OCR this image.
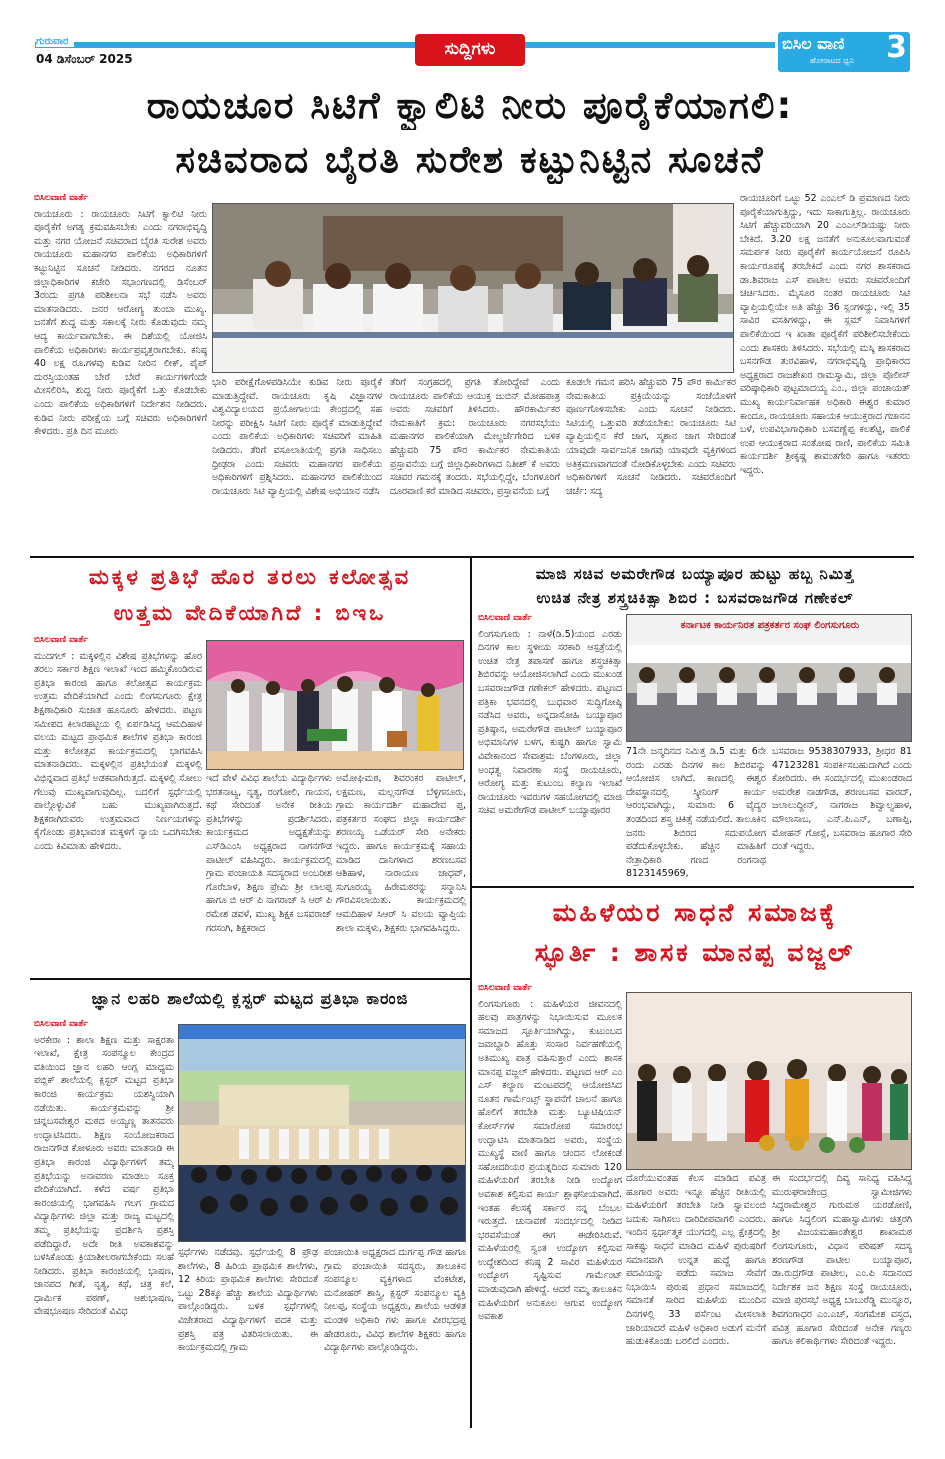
ಗುರುವಾರ
04 ಡಿಸೆಂಬರ್ 2025	ಸುದ್ದಿಗಳು	ಬಿಸಿಲ ವಾಣಿ
ಹೋರಾಟದ ಧ್ವನಿ 3
ರಾಯಚೂರ ಸಿಟಿಗೆ ಕ್ವಾಲಿಟಿ ನೀರು ಪೂರೈಕೆಯಾಗಲಿ:
ಸಚಿವರಾದ ಬೈರತಿ ಸುರೇಶ ಕಟ್ಟುನಿಟ್ಟಿನ ಸೂಚನೆ
ಬಿಸಿಲವಾಣಿ ವಾರ್ತೆ

ರಾಯಚೂರು : ರಾಯಚೂರು ಸಿಟಿಗೆ ಕ್ವಾಲಿಟಿ ನೀರು ಪೂರೈಕೆಗೆ ಅಗತ್ಯ ಕ್ರಮವಹಿಸಬೇಕು ಎಂದು ನಗರಾಭಿವೃದ್ಧಿ ಮತ್ತು ನಗರ ಯೋಜನೆ ಸಚಿವರಾದ ಬೈರತಿ ಸುರೇಶ ಅವರು ರಾಯಚೂರು ಮಹಾನಗರ ಪಾಲಿಕೆಯ ಅಧಿಕಾರಿಗಳಿಗೆ ಕಟ್ಟುನಿಟ್ಟಿನ ಸೂಚನೆ ನೀಡಿದರು. ನಗರದ ನೂತನ ಜಿಲ್ಲಾಧಿಕಾರಿಗಳ ಕಚೇರಿ ಸಭಾಂಗಣದಲ್ಲಿ ಡಿಸೆಂಬರ್ 3ರಂದು ಪ್ರಗತಿ ಪರಿಶೀಲನಾ ಸಭೆ ನಡೆಸಿ ಅವರು ಮಾತನಾಡಿದರು. ಜನರ ಆರೋಗ್ಯ ತುಂಬಾ ಮುಖ್ಯ. ಜನತೆಗೆ ಶುದ್ಧ ಮತ್ತು ಸಕಾಲಕ್ಕೆ ನೀರು ಕೊಡುವುದು ನಮ್ಮ ಆದ್ಯ ಕಾರ್ಯವಾಗಬೇಕು. ಈ ದಿಶೆಯಲ್ಲಿ ಯೋಜಿಸಿ ಪಾಲಿಕೆಯ ಅಧಿಕಾರಿಗಳು ಕಾರ್ಯಪ್ರವೃತ್ತರಾಗಬೇಕು. ಕನಿಷ್ಠ 40 ಲಕ್ಷ ರೂ.ಗಳವು ಕುಡಿವ ನೀರಿನ ಲೀಕ್, ಪೈಪ್ ದುರಸ್ತಿಯಂತಹ ಬೇರೆ ಬೇರೆ ಕಾರ್ಯಗಳಿಗೆಂದೇ ಮೀಸಲಿರಿಸಿ, ಶುದ್ಧ ನೀರು ಪೂರೈಕೆಗೆ ಒತ್ತು ಕೊಡಬೇಕು ಎಂದು ಪಾಲಿಕೆಯ ಅಧಿಕಾರಿಗಳಿಗೆ ನಿರ್ದೇಶನ ನೀಡಿದರು. ಕುಡಿವ ನೀರು ಪರೀಕ್ಷೆಯ ಬಗ್ಗೆ ಸಚಿವರು ಅಧಿಕಾರಿಗಳಿಗೆ ಕೇಳಿದರು. ಪ್ರತಿ ದಿನ ಮೂರು

ಭಾರಿ ಪರೀಕ್ಷೆಗೊಳಪಡಿಸಿಯೇ ಕುಡಿವ ನೀರು ಪೂರೈಕೆ ಮಾಡುತ್ತಿದ್ದೇವೆ. ರಾಯಚೂರು ಕೃಷಿ ವಿಜ್ಞಾನಗಳ ವಿಶ್ವವಿದ್ಯಾಲಯದ ಪ್ರಯೋಗಾಲಯ ಕೇಂದ್ರದಲ್ಲಿ ಸಹ ನೀರನ್ನು ಪರೀಕ್ಷಿಸಿ ಸಿಟಿಗೆ ನೀರು ಪೂರೈಕೆ ಮಾಡುತ್ತಿದ್ದೇವೆ ಎಂದು ಪಾಲಿಕೆಯ ಅಧಿಕಾರಿಗಳು ಸಚಿವರಿಗೆ ಮಾಹಿತಿ ನೀಡಿದರು. ತೆರಿಗೆ ವಸೂಲಾತಿಯಲ್ಲಿ ಪ್ರಗತಿ ಸಾಧಿಸಲು ಧ್ರೀಢರಾ ಎಂದು ಸಚಿವರು ಮಹಾನಗರ ಪಾಲಿಕೆಯ ಅಧಿಕಾರಿಗಳಿಗೆ ಪ್ರಶ್ನಿಸಿದರು. ಮಹಾನಗರ ಪಾಲಿಕೆಯಿಂದ ರಾಯಚೂರು ಸಿಟಿ ವ್ಯಾಪ್ತಿಯಲ್ಲಿ ವಿಶೇಷ ಅಭಿಯಾನ ನಡೆಸಿ

ತೆರಿಗೆ ಸಂಗ್ರಹದಲ್ಲಿ ಪ್ರಗತಿ ತೋರಿದ್ದೇವೆ ಎಂದು ರಾಯಚೂರು ಪಾಲಿಕೆಯ ಆಯುಕ್ತ ಜುಬಿನ್ ಮೋಹಪಾತ್ರ ಅವರು ಸಚಿವರಿಗೆ ತಿಳಿಸಿದರು. ಹೌರಕಾರ್ಮಿಕರ ನೇಮಕಾತಿಗೆ ಕ್ರಮ: ರಾಯಚೂರು ನಗರಸಭೆಯು ಮಹಾನಗರ ಪಾಲಿಕೆಯಾಗಿ ಮೇಲ್ದರ್ಜೆಗೇರಿದ ಬಳಿಕ ಹೆಚ್ಚುವರಿ 75 ಪೌರ ಕಾರ್ಮಿಕರ ನೇಮಕಾತಿಯ ಪ್ರಸ್ತಾವನೆಯ ಬಗ್ಗೆ ಜಿಲ್ಲಾಧಿಕಾರಿಗಳಾದ ನಿತೀಶ್ ಕೆ ಅವರು ಸಚಿವರ ಗಮನಕ್ಕೆ ತಂದರು. ಸಭೆಯಲ್ಲಿದ್ದೇ, ಬೆಂಗಳೂರಿಗೆ ದೂರವಾಣಿ ಕರೆ ಮಾಡಿದ ಸಚಿವರು, ಪ್ರಸ್ತಾವನೆಯ ಬಗ್ಗೆ

ಕೂಡಲೇ ಗಮನ ಹರಿಸಿ ಹೆಚ್ಚುವರಿ 75 ಪೌರ ಕಾರ್ಮಿಕರ ನೇಮಕಾತಿಯ ಪ್ರಕ್ರಿಯೆಯನ್ನು ಸಂಜೆಯೊಳಗೆ ಪೂರ್ಣಗೊಳಿಸಬೇಕು ಎಂದು ಸೂಚನೆ ನೀಡಿದರು. ಸಿಟಿಯಲ್ಲಿ ಒತ್ತುವರಿ ತಡೆಯಬೇಕು: ರಾಯಚೂರು ಸಿಟಿ ವ್ಯಾಪ್ತಿಯಲ್ಲಿನ ಕೆರೆ ಜಾಗ, ಸ್ಮಶಾನ ಜಾಗ ಸೇರಿದಂತೆ ಯಾವುದೇ ಸಾರ್ವಜನಿಕ ಜಾಗವು ಯಾವುದೇ ವ್ಯಕ್ತಿಗಳಿಂದ ಅತಿಕ್ರಮಣವಾಗದಂತೆ ನೋಡಿಕೊಳ್ಳಬೇಕು ಎಂದು ಸಚಿವರು ಅಧಿಕಾರಿಗಳಿಗೆ ಸೂಚನೆ ನೀಡಿದರು. ಸಚಿವರೊಂದಿಗೆ ಚರ್ಚೆ: ಸದ್ಯ

ರಾಯಚೂರಿಗೆ ಒಟ್ಟು 52 ಎಂಎಲ್ ಡಿ ಪ್ರಮಾಣದ ನೀರು ಪೂರೈಕೆಯಾಗುತ್ತಿದ್ದು, ಇದು ಸಾಕಾಗುತ್ತಿಲ್ಲ. ರಾಯಚೂರು ಸಿಟಿಗೆ ಹೆಚ್ಚುವರಿಯಾಗಿ 20 ಎಂಎಲ್‌ಡಿಯಷ್ಟು ನೀರು ಬೇಕಿದೆ. 3.20 ಲಕ್ಷ ಜನತೆಗೆ ಅನುಕೂಲವಾಗುವಂತೆ ಸಮರ್ಪಕ ನೀರು ಪೂರೈಕೆಗೆ ಕಾರ್ಯಯೋಜನೆ ರೂಪಿಸಿ ಕಾರ್ಯರೂಪಕ್ಕೆ ತರಬೇಕಿದೆ ಎಂದು ನಗರ ಶಾಸಕರಾದ ಡಾ.ಶಿವರಾಜ ಎಸ್ ಪಾಟೀಲ ಅವರು ಸಚಿವರೊಂದಿಗೆ ಚರ್ಚಿಸಿದರು. ಮೈಸೂರ ನಂತರ ರಾಯಚೂರು ಸಿಟಿ ವ್ಯಾಪ್ತಿಯಲ್ಲಿಯೇ ಅತಿ ಹೆಚ್ಚು 36 ಸ್ಲಂಗಳಿದ್ದು, ಇಲ್ಲಿ 35 ಸಾವಿರ ವಸತಿಗಳಿದ್ದು, ಈ ಸ್ಲಮ್ ನಿವಾಸಿಗಳಿಗೆ ಪಾಲಿಕೆಯಿಂದ ಇ ಖಾತಾ ಪೂರೈಕೆಗೆ ಪರಿಶೀಲಿಸಬೇಕೆಂದು ಎಂದು ಶಾಸಕರು ತಿಳಿಸಿದರು. ಸಭೆಯಲ್ಲಿ ಮಸ್ಕಿ ಶಾಸಕರಾದ ಬಸನಗೌಡ ತುರವಿಹಾಳ, ನಗರಾಭಿವೃದ್ಧಿ ಪ್ರಾಧಿಕಾರದ ಅಧ್ಯಕ್ಷರಾದ ರಾಜಶೇಖರ ರಾಮಸ್ವಾಮಿ, ಜಿಲ್ಲಾ ಪೊಲೀಸ್ ವರಿಷ್ಠಾಧಿಕಾರಿ ಪುಟ್ಟಮಾದಯ್ಯ ಎಂ., ಜಿಲ್ಲಾ ಪಂಚಾಯತ್ ಮುಖ್ಯ ಕಾರ್ಯನಿರ್ವಾಹಕ ಅಧಿಕಾರಿ ಈಶ್ವರ ಕುಮಾರ ಕಾಂದೂ, ರಾಯಚೂರು ಸಹಾಯಕ ಆಯುಕ್ತರಾದ ಗಜಾನನ ಬಳೆ, ಉಪವಿಭಾಗಾಧಿಕಾರಿ ಬಸವಣ್ಣೆಪ್ಪ ಕಲಶೆಟ್ಟಿ, ಪಾಲಿಕೆ ಉಪ ಆಯುಕ್ತರಾದ ಸಂತೋಷ ರಾಣಿ, ಪಾಲಿಕೆಯ ಸಮಿತಿ ಕಾರ್ಯದರ್ಶಿ ಶ್ರೀಕೃಷ್ಣ ಶಾವಂತಗೇರಿ ಹಾಗೂ ಇತರರು ಇದ್ದರು.

ಮಕ್ಕಳ ಪ್ರತಿಭೆ ಹೊರ ತರಲು ಕಲೋತ್ಸವ
ಉತ್ತಮ ವೇದಿಕೆಯಾಗಿದೆ : ಬಿಇಒ
ಬಿಸಿಲವಾಣಿ ವಾರ್ತೆ

ಮುದಗಲ್ : ಮಕ್ಕಳಲ್ಲಿನ ವಿಶೇಷ ಪ್ರತಿಭೆಗಳನ್ನು ಹೊರ ತರಲು ಸರ್ಕಾರ ಶಿಕ್ಷಣ ಇಲಾಖೆ ಇಂದ ಹಮ್ಮಿಕೊಂಡಿರುವ ಪ್ರತಿಭಾ ಕಾರಂಜಿ ಹಾಗೂ ಕಲೋತ್ಸವ ಕಾರ್ಯಕ್ರಮ ಉತ್ತಮ ವೇದಿಕೆಯಾಗಿದೆ ಎಂದು ಲಿಂಗಸುಗೂರು ಕ್ಷೇತ್ರ ಶಿಕ್ಷಣಾಧಿಕಾರಿ ಸುಜಾತ ಹೂನೂರು ಹೇಳಿದರು. ಪಟ್ಟಣ ಸಮೀಪದ ಕಿಲಾರಹಟ್ಟಿಯ ಲ್ಲಿ ಏರ್ಪಡಿಸಿದ್ದ ಆಮದಿಹಾಳ ವಲಯ ಮಟ್ಟದ ಪ್ರಾಥಮಿಕ ಶಾಲೆಗಳ ಪ್ರತಿಭಾ ಕಾರಂಜಿ ಮತ್ತು ಕಲೋತ್ಸವ ಕಾರ್ಯಕ್ರಮದಲ್ಲಿ ಭಾಗವಹಿಸಿ ಮಾತನಾಡಿದರು. ಮಕ್ಕಳಲ್ಲಿನ ಪ್ರತಿಭೆಯಂತೆ ಮಕ್ಕಳಲ್ಲಿ ವಿಭಿನ್ನವಾದ ಪ್ರತಿಭೆ ಅಡಕವಾಗಿರುತ್ತದೆ. ಮಕ್ಕಳಲ್ಲಿ ಸೋಲು ಗೆಲುವು ಮುಖ್ಯವಾಗುವುದಿಲ್ಲ. ಬದಲಿಗೆ ಸ್ಪರ್ಧೆಯಲ್ಲಿ ಪಾಲ್ಗೊಳ್ಳುವಿಕೆ ಬಹು ಮುಖ್ಯವಾಗಿರುತ್ತದೆ. ಶಿಕ್ಷಕರಾಗಿರುವರು ಉತ್ತಮವಾದ ನಿರ್ಣಯಗಳನ್ನು ಕೈಗೊಂಡು ಪ್ರತಿಭಾವಂತ ಮಕ್ಕಳಿಗೆ ನ್ಯಾಯ ಒದಗಿಸಬೇಕು ಎಂದು ಕಿವಿಮಾತು ಹೇಳಿದರು.

ಇದೆ ವೇಳೆ ವಿವಿಧ ಶಾಲೆಯ ವಿದ್ಯಾರ್ಥಿಗಳು ಭರತನಾಟ್ಯ, ನೃತ್ಯ, ರಂಗೋಲಿ, ಗಾಯನ, ಕಥೆ ಸೇರಿದಂತೆ ಅನೇಕ ರೀತಿಯ ಪ್ರತಿಭೆಗಳನ್ನು ಪ್ರದರ್ಶಿಸಿದರು. ಕಾರ್ಯಕ್ರಮದ ಅಧ್ಯಕ್ಷತೆಯನ್ನು ಎಸ್‌ಡಿಎಂಸಿ ಅಧ್ಯಕ್ಷರಾದ ನಾಗನಗೌಡ ಪಾಟೀಲ್ ವಹಿಸಿದ್ದರು. ಕಾರ್ಯಕ್ರಮದಲ್ಲಿ ಗ್ರಾಮ ಪಂಚಾಯತಿ ಸದಸ್ಯರಾದ ಅಂಬರೀಶ ಗೊರೆಬಾಳ, ಶಿಕ್ಷಣ ಪ್ರೇಮಿ ಶ್ರೀ ಲಾಲಪ್ಪ ಹಾಗೂ ಬಿ ಆರ್ ಪಿ ನಾಗರಾಜ್ ಸಿ ಆರ್ ಪಿ ರಮೇಶ ಡವಳೆ, ಮುಖ್ಯ ಶಿಕ್ಷಕ ಬಸವರಾಜ್ ಗರಸಂಗಿ, ಶಿಕ್ಷಕರಾದ

ಅಮೋಘಿಮಠ, ಶಿವರಂಕರ ಪಾಟೀಲ್, ಲಕ್ಷಮಣ, ಮಲ್ಲನಗೌಡ ಬೆಳ್ಳಿಗನೂರು, ಗ್ರಾಮ ಕಾರ್ಯದರ್ಶಿ ಮಹಾದೇವ ಪ್ಪ, ಪತ್ರಕರ್ತರ ಸಂಘದ ಜಿಲ್ಲಾ ಕಾರ್ಯದರ್ಶಿ ಶರಣಯ್ಯ ಒಡೆಯರ್ ಸೇರಿ ಅನೇಕರು ಇದ್ದರು. ಹಾಗೂ ಕಾರ್ಯಕ್ರಮಕ್ಕೆ ಸಹಾಯ ಮಾಡಿದ ದಾನಿಗಳಾದ ಶರಣಬಸವ ಆಶಿಹಾಳ, ನಾರಾಯಣ ಜಾಧವ್, ಸುಗೂರಯ್ಯ ಹಿರೇಮಠರನ್ನು ಸನ್ಮಾನಿಸಿ ಗೌರವಿಸಲಾಯಿತು. ಕಾರ್ಯಕ್ರಮದಲ್ಲಿ ಆಮದಿಹಾಳ ಸಿಆರ್ ಸಿ ವಲಯ ವ್ಯಾಪ್ತಿಯ ಶಾಲಾ ಮಕ್ಕಳು, ಶಿಕ್ಷಕರು ಭಾಗವಹಿಸಿದ್ದರು.

ಮಾಜಿ ಸಚಿವ ಅಮರೇಗೌಡ ಬಯ್ಯಾಪೂರ ಹುಟ್ಟು ಹಬ್ಬ ನಿಮಿತ್ತ
ಉಚಿತ ನೇತ್ರ ಶಸ್ತ್ರಚಿಕಿತ್ಸಾ ಶಿಬಿರ : ಬಸವರಾಜಗೌಡ ಗಣೇಕಲ್
ಬಿಸಿಲವಾಣಿ ವಾರ್ತೆ

ಲಿಂಗಸುಗೂರು : ನಾಳೆ(ಡಿ.5)ಯಂದ ಎರಡು ದಿನಗಳ ಕಾಲ ಸ್ಥಳೀಯ ಸರಕಾರಿ ಆಸ್ಪತ್ರೆಯಲ್ಲಿ ಉಚಿತ ನೇತ್ರ ತಪಾಸಣೆ ಹಾಗೂ ಶಸ್ತ್ರಚಿಕಿತ್ಸಾ ಶಿಬಿರವನ್ನು ಆಯೋಜಿಸಲಾಗಿದೆ ಎಂದು ಮುಖಂಡ ಬಸವರಾಜಗೌಡ ಗಣೇಕಲ್ ಹೇಳಿದರು. ಪಟ್ಟಣದ ಪತ್ರಿಕಾ ಭವನದಲ್ಲಿ ಬುಧವಾರ ಸುದ್ದಿಗೋಷ್ಠಿ ನಡೆಸಿದ ಅವರು, ಅನ್ನದಾಸೋಹಿ ಬಯ್ಯಾಪೂರ ಪ್ರತಿಷ್ಠಾನ, ಅಮರೇಗೌಡ ಪಾಟೀಲ್ ಬಯ್ಯಾಪೂರ ಅಭಿಮಾನಿಗಳ ಬಳಗ, ಕುಷ್ಟಗಿ ಹಾಗೂ ಸ್ವಾಮಿ ವಿವೇಕಾನಂದ ಸೇವಾಶ್ರಮ ಬೆಂಗಳೂರು, ಜಿಲ್ಲಾ ಅಂಧತ್ವ ನಿವಾರಣಾ ಸಂಸ್ಥೆ ರಾಯಚೂರು, ಆರೋಗ್ಯ ಮತ್ತು ಕುಟುಂಬ ಕಲ್ಯಾಣ ಇಲಾಖೆ ರಾಯಚೂರು ಇವರುಗಳ ಸಹಯೋಗದಲ್ಲಿ ಮಾಜಿ ಸಚಿವ ಅಮರೇಗೌಡ ಪಾಟೀಲ್ ಬಯ್ಯಾಪೂರರ

ಕರ್ನಾಟಕ ಕಾರ್ಯನಿರತ ಪತ್ರಕರ್ತರ ಸಂಘ ಲಿಂಗಸುಗೂರು

71ನೇ ಜನ್ಮದಿನದ ನಿಮಿತ್ತ ಡಿ.5 ಮತ್ತು 6ನೇ ರಂದು ಎರಡು ದಿನಗಳ ಕಾಲ ಶಿಬಿರವನ್ನು ಆಯೋಜಿಸ ಲಾಗಿದೆ. ಕಾಣದಲ್ಲಿ ಈಶ್ವರ ದೇವಸ್ಥಾನದಲ್ಲಿ ಸ್ಕ್ರೀನಿಂಗ್ ಕಾರ್ಯ ಆರಂಭವಾಗಿದ್ದು, ಸುಮಾರು 6 ವೈದ್ಯರ ತಂಡದಿಂದ ಶಸ್ತ್ರ ಚಿಕಿತ್ಸೆ ನಡೆಯಲಿದೆ. ತಾಲೂಕಿನ ಜನರು ಶಿಬಿರದ ಸದುಪಯೋಗ ಪಡೆದುಕೊಳ್ಳಬೇಕು. ಹೆಚ್ಚಿನ ಮಾಹಿತಿಗೆ ನೇತ್ರಾಧಿಕಾರಿ ಗಣದ ರಂಗನಾಥ 8123145969,

ಬಸವರಾಜ 9538307933, ಶ್ರೀಧರ 81 47123281 ಸಂಪರ್ಕಿಸಬಹುದಾಗಿದೆ ಎಂದು ಕೋರಿದರು. ಈ ಸಂದರ್ಭದಲ್ಲಿ ಮುಖಂಡರಾದ ಅಮರೇಶ ನಾಡಗೌಡ, ಶರಣಬಸವ ವಾರದ್, ಜಲಾಲುದ್ದೀನ್, ನಾಗರಾಜ ಶಿವ್ವಾಲ್ವಹಾಳ, ಮೌಲಾಸಾಬ, ಎನ್.ಪಿ.ಎನ್, ಬಣಾಪ್ಪಿ, ಮೋಹನ್ ಗೋಸ್ಲೆ, ಬಸವರಾಜ ಹೂಗಾರ ಸೇರಿ ದಂತೆ ಇದ್ದರು.

ಮಹಿಳೆಯರ ಸಾಧನೆ ಸಮಾಜಕ್ಕೆ
ಸ್ಫೂರ್ತಿ : ಶಾಸಕ ಮಾನಪ್ಪ ವಜ್ಜಲ್
ಬಿಸಿಲವಾಣಿ ವಾರ್ತೆ

ಲಿಂಗಸುಗೂರು : ಮಹಿಳೆಯರ ಜೀವನದಲ್ಲಿ ಹಲವು ಪಾತ್ರಗಳನ್ನು ನಿಭಾಯಿಸುವ ಮೂಲಕ ಸಮಾಜದ ಸ್ಫೂರ್ತಿಯಾಗಿದ್ದು, ಕುಟುಂಬದ ಜವಾಬ್ದಾರಿ ಹೊತ್ತು ಸಂಸಾರ ನಿರ್ವಹಣೆಯಲ್ಲಿ ಅತಿಮುಖ್ಯ ಪಾತ್ರ ವಹಿಸುತ್ತಾರೆ ಎಂದು ಶಾಸಕ ಮಾನಪ್ಪ ವಜ್ಜಲ್ ಹೇಳಿದರು. ಪಟ್ಟಣದ ಆರ್ ಎಂ ಎಸ್ ಕಲ್ಯಾಣ ಮಂಟಪದಲ್ಲಿ ಆಯೋಜಿಸಿದ ನೂತನ ಗಾರ್ಮೆಂಟ್ಸ್ ಸ್ಥಾಪನೆಗೆ ಚಾಲನೆ ಹಾಗೂ ಹೊಲಿಗೆ ತರಬೇತಿ ಮತ್ತು ಬ್ಯೂಟಿಷಿಯನ್ ಕೋರ್ಸ್‌ಗಳ ಸಮಾರೋಪ ಸಮಾರಂಭ ಉದ್ಘಾಟಿಸಿ ಮಾತನಾಡಿದ ಅವರು, ಸಂಸ್ಥೆಯ ಮುಖ್ಯಸ್ಥೆ ವಾಣಿ ಹಾಗೂ ಚಂದನ ಲೋಕಂಡೆ ಸಹೋದರಿಯರ ಪ್ರಯತ್ನದಿಂದ ಸುಮಾರು 120 ಮಹಿಳೆಯರಿಗೆ ತರಬೇತಿ ನೀಡಿ ಉದ್ಯೋಗ ಅವಕಾಶ ಕಲ್ಪಿಸುವ ಕಾರ್ಯ ಶ್ಲಾಘನೀಯವಾಗಿದೆ. ಇಂತಹ ಕೆಲಸಕ್ಕೆ ಸರ್ಕಾರ ನನ್ನ ಬೆಂಬಲ ಇರುತ್ತದೆ. ಚುನಾವಣೆ ಸಂದರ್ಭದಲ್ಲಿ ನೀಡಿದ ಭರವಸೆಯಂತೆ ಈಗ ಈಡೇರಿಸಿರುವೆ. ಮಹಿಳೆಯರಲ್ಲಿ ಸ್ವಂತ ಉದ್ಯೋಗ ಕಲ್ಪಿಸುವ ಉದ್ದೇಶದಿಂದ ಕನಿಷ್ಠ 2 ಸಾವಿರ ಮಹಿಳೆಯರ ಉದ್ಯೋಗ ಸೃಷ್ಟಿಸುವ ಗಾರ್ಮೆಂಟ್ ಮಾಡುವುದಾಗಿ ಹೇಳಿದ್ದೆ. ಆದರೆ ನಮ್ಮ ತಾಲೂಕಿನ ಮಹಿಳೆಯರಿಗೆ ಅನುಕೂಲ ಆಗುವ ಉದ್ಯೋಗ ಅವಕಾಶ

ದೊರೆಯುವಂತಹ ಕೆಲಸ ಮಾಡಿದ ಪವಿತ್ರ ಹೂಗಾರ ಅವರು ಇನ್ನೂ ಹೆಚ್ಚಿನ ರೀತಿಯಲ್ಲಿ ಮಹಿಳೆಯರಿಗೆ ತರಬೇತಿ ನೀಡಿ ಸ್ವಾವಲಂಬಿ ಬದುಕು ಸಾಗಿಸಲು ದಾರಿದೀಪವಾಗಲಿ ಎಂದರು. ಇಂದಿನ ಸ್ಪರ್ಧಾತ್ಮಕ ಯುಗದಲ್ಲಿ ಎಲ್ಲ ಕ್ಷೇತ್ರದಲ್ಲಿ ಸಾಕಷ್ಟು ಸಾಧನೆ ಮಾಡಿದ ಮಹಿಳೆ ಪುರುಷರಿಗೆ ಸಮಾನವಾಗಿ ಉನ್ನತ ಹುದ್ದೆ ಹಾಗೂ ಪದವಿಯನ್ನು ಪಡೆದು ಸಮಾಜ ಸೇವೆಗೆ ನಿಭಾಯಿಸಿ ಪುರುಷ ಪ್ರಧಾನ ಸಮಾಜದಲ್ಲಿ ಸಮಾನತೆ ಸಾರಿದ ಮಹಿಳೆಯ ಮುಂದಿನ ದಿನಗಳಲ್ಲಿ 33 ಪರ್ಸೆಂಟ ಮೀಸಲಾತಿ ಜಾರಿಯಾದರೆ ಮಹಿಳೆ ಅಧಿಕಾರ ಅಡುಗೆ ಮನೆಗೆ ಹುಡುಕಿಕೊಂಡು ಬರಲಿದೆ ಎಂದರು.

ಈ ಸಂದರ್ಭದಲ್ಲಿ ದಿವ್ಯ ಸಾನಿಧ್ಯ ವಹಿಸಿದ್ದ ಮುರುಘರಾಜೇಂದ್ರ ಸ್ವಾಮೀಜಿಗಳು ಸಿದ್ಧರಾಮೇಶ್ವರ ಗುರುಮಠ ಯರಡೋಣಿ, ಹಾಗೂ ಸಿದ್ಧಲಿಂಗ ಮಹಾಸ್ವಾಮಿಗಳು ಚಿತ್ತರಗಿ ಶ್ರೀ ವಿಜಯಮಹಾಂತೇಶ್ವರ ಶಾಖಾಮಠ ಲಿಂಗಸುಗೂರು, ವಿಧಾನ ಪರಿಷತ್ ಸದಸ್ಯ ಶರಣಗೌಡ ಪಾಟೀಲ ಬಯ್ಯಾಪೂರ, ಡಾ.ರುದ್ರಗೌಡ ಪಾಟೀಲ, ಎಂ.ಪಿ ಸದಾನಂದ ನಿರ್ದೇಶಕ ಜನ ಶಿಕ್ಷಣ ಸಂಸ್ಥೆ ರಾಯಚೂರು, ಮಾಜಿ ಪುರಸಭೆ ಅಧ್ಯಕ್ಷ ಬಾಬುರೆಡ್ಡಿ ಮುನ್ನೂರ, ಶಿವಗಂಗಾಧರ ಎಂ.ಎಚ್, ಸಂಗಮೇಶ ವಸ್ತ್ರದ, ಪವಿತ್ರ ಹೂಗಾರ ಸೇರಿದಂತೆ ಅನೇಕ ಗಣ್ಯರು ಹಾಗೂ ಕಲಿಕಾರ್ಥಿಗಳು ಸೇರಿದಂತೆ ಇದ್ದರು.

ಜ್ಞಾನ ಲಹರಿ ಶಾಲೆಯಲ್ಲಿ ಕ್ಲಸ್ಟರ್ ಮಟ್ಟದ ಪ್ರತಿಭಾ ಕಾರಂಜಿ
ಬಿಸಿಲವಾಣಿ ವಾರ್ತೆ

ಅರಕೇರಾ : ಶಾಲಾ ಶಿಕ್ಷಣ ಮತ್ತು ಸಾಕ್ಷರತಾ ಇಲಾಖೆ, ಕ್ಷೇತ್ರ ಸಂಪನ್ಮೂಲ ಕೇಂದ್ರದ ವತಿಯಿಂದ ಜ್ಞಾನ ಲಹರಿ ಆಂಗ್ಲ ಮಾಧ್ಯಮ ಪಬ್ಲಿಕ್ ಶಾಲೆಯಲ್ಲಿ ಕ್ಲಸ್ಟರ್ ಮಟ್ಟದ ಪ್ರತಿಭಾ ಕಾರಂಜಿ ಕಾರ್ಯಕ್ರಮ ಯಶಸ್ವಿಯಾಗಿ ನಡೆಯಿತು. ಕಾರ್ಯಕ್ರಮವನ್ನು ಶ್ರೀ ಚನ್ನಬಸವೇಶ್ವರ ಮಠದ ಅಯ್ಯಣ್ಣ ತಾತನವರು ಉದ್ಘಾಟಿಸಿದರು. ಶಿಕ್ಷಣ ಸಂಯೋಜಕರಾದ ರಾಜನಗೌಡ ಕೋಳೂರು ಅವರು ಮಾತನಾಡಿ ಈ ಪ್ರತಿಭಾ ಕಾರಂಜಿ ವಿದ್ಯಾರ್ಥಿಗಳಿಗೆ ತಮ್ಮ ಪ್ರತಿಭೆಯನ್ನು ಅನಾವರಣ ಮಾಡಲು ಸೂಕ್ತ ವೇದಿಕೆಯಾಗಿದೆ. ಕಳೆದ ವರ್ಷ ಪ್ರತಿಭಾ ಕಾರಂಜಿಯಲ್ಲಿ ಭಾಗವಹಿಸಿ ಗಲಗ ಗ್ರಾಮದ ವಿದ್ಯಾರ್ಥಿಗಳು ಜಿಲ್ಲಾ ಮತ್ತು ರಾಜ್ಯ ಮಟ್ಟದಲ್ಲಿ ತಮ್ಮ ಪ್ರತಿಭೆಯನ್ನು ಪ್ರದರ್ಶಿಸಿ ಪ್ರಶಸ್ತಿ ಪಡೆದಿದ್ದಾರೆ. ಅದೇ ರೀತಿ ಅವಕಾಶವನ್ನು ಬಳಸಿಕೊಂಡು ಕ್ರಿಯಾಶೀಲರಾಗಬೇಕೆಂದು ಸಲಹೆ ನೀಡಿದರು. ಪ್ರತಿಭಾ ಕಾರಂಜಿಯಲ್ಲಿ ಭಾಷಣ, ಜಾನಪದ ಗೀತೆ, ನೃತ್ಯ, ಕಥೆ, ಚಿತ್ರ ಕಲೆ, ಧಾರ್ಮಿಕ ಪಠಣ್, ಆಶುಭಾಷಣ, ವೇಷಭೂಷಣ ಸೇರಿದಂತೆ ವಿವಿಧ

ಸ್ಪರ್ಧೆಗಳು ನಡೆದವು. ಸ್ಪರ್ಧೆಯಲ್ಲಿ 8 ಪ್ರೌಢ ಶಾಲೆಗಳು, 8 ಹಿರಿಯ ಪ್ರಾಥಮಿಕ ಶಾಲೆಗಳು, 12 ಕಿರಿಯ ಪ್ರಾಥಮಿಕ ಶಾಲೆಗಳು ಸೇರಿದಂತೆ ಒಟ್ಟು 28ಕ್ಕೂ ಹೆಚ್ಚು ಶಾಲೆಯ ವಿದ್ಯಾರ್ಥಿಗಳು ಪಾಲ್ಗೊಂಡಿದ್ದರು. ಬಳಿಕ ಸ್ಪರ್ಧೆಗಳಲ್ಲಿ ವಿಜೇತರಾದ ವಿದ್ಯಾರ್ಥಿಗಳಿಗೆ ಪದಕ ಮತ್ತು ಪ್ರಶಸ್ತಿ ಪತ್ರ ವಿತರಿಸಲಾಯಿತು. ಈ ಕಾರ್ಯಕ್ರಮದಲ್ಲಿ ಗ್ರಾಮ

ಪಂಚಾಯಿತಿ ಅಧ್ಯಕ್ಷರಾದ ದುರ್ಗಪ್ಪ ಗೌಡ ಹಾಗೂ ಗ್ರಾಮ ಪಂಚಾಯಿತಿ ಸದಸ್ಯರು, ತಾಲೂಕಿನ ಸಂಪನ್ಮೂಲ ವ್ಯಕ್ತಿಗಳಾದ ವೆಂಕಟೇಶ, ಮನೋಹರ್ ಶಾಸ್ತ್ರಿ, ಕ್ಲಸ್ಟರ್ ಸಂಪನ್ಮೂಲ ವ್ಯಕ್ತಿ ನೀಲಪ್ಪ, ಸಂಸ್ಥೆಯ ಅಧ್ಯಕ್ಷರು, ಶಾಲೆಯ ಆಡಳಿತ ಮಂಡಳಿ ಅಧಿಕಾರಿ ಗಳು ಹಾಗೂ ವೀರಭದ್ರಪ್ಪ ಹೇಡರೂರು, ವಿವಿಧ ಶಾಲೆಗಳ ಶಿಕ್ಷಕರು ಹಾಗೂ ವಿದ್ಯಾರ್ಥಿಗಳು ಪಾಲ್ಗೊಂಡಿದ್ದರು.
